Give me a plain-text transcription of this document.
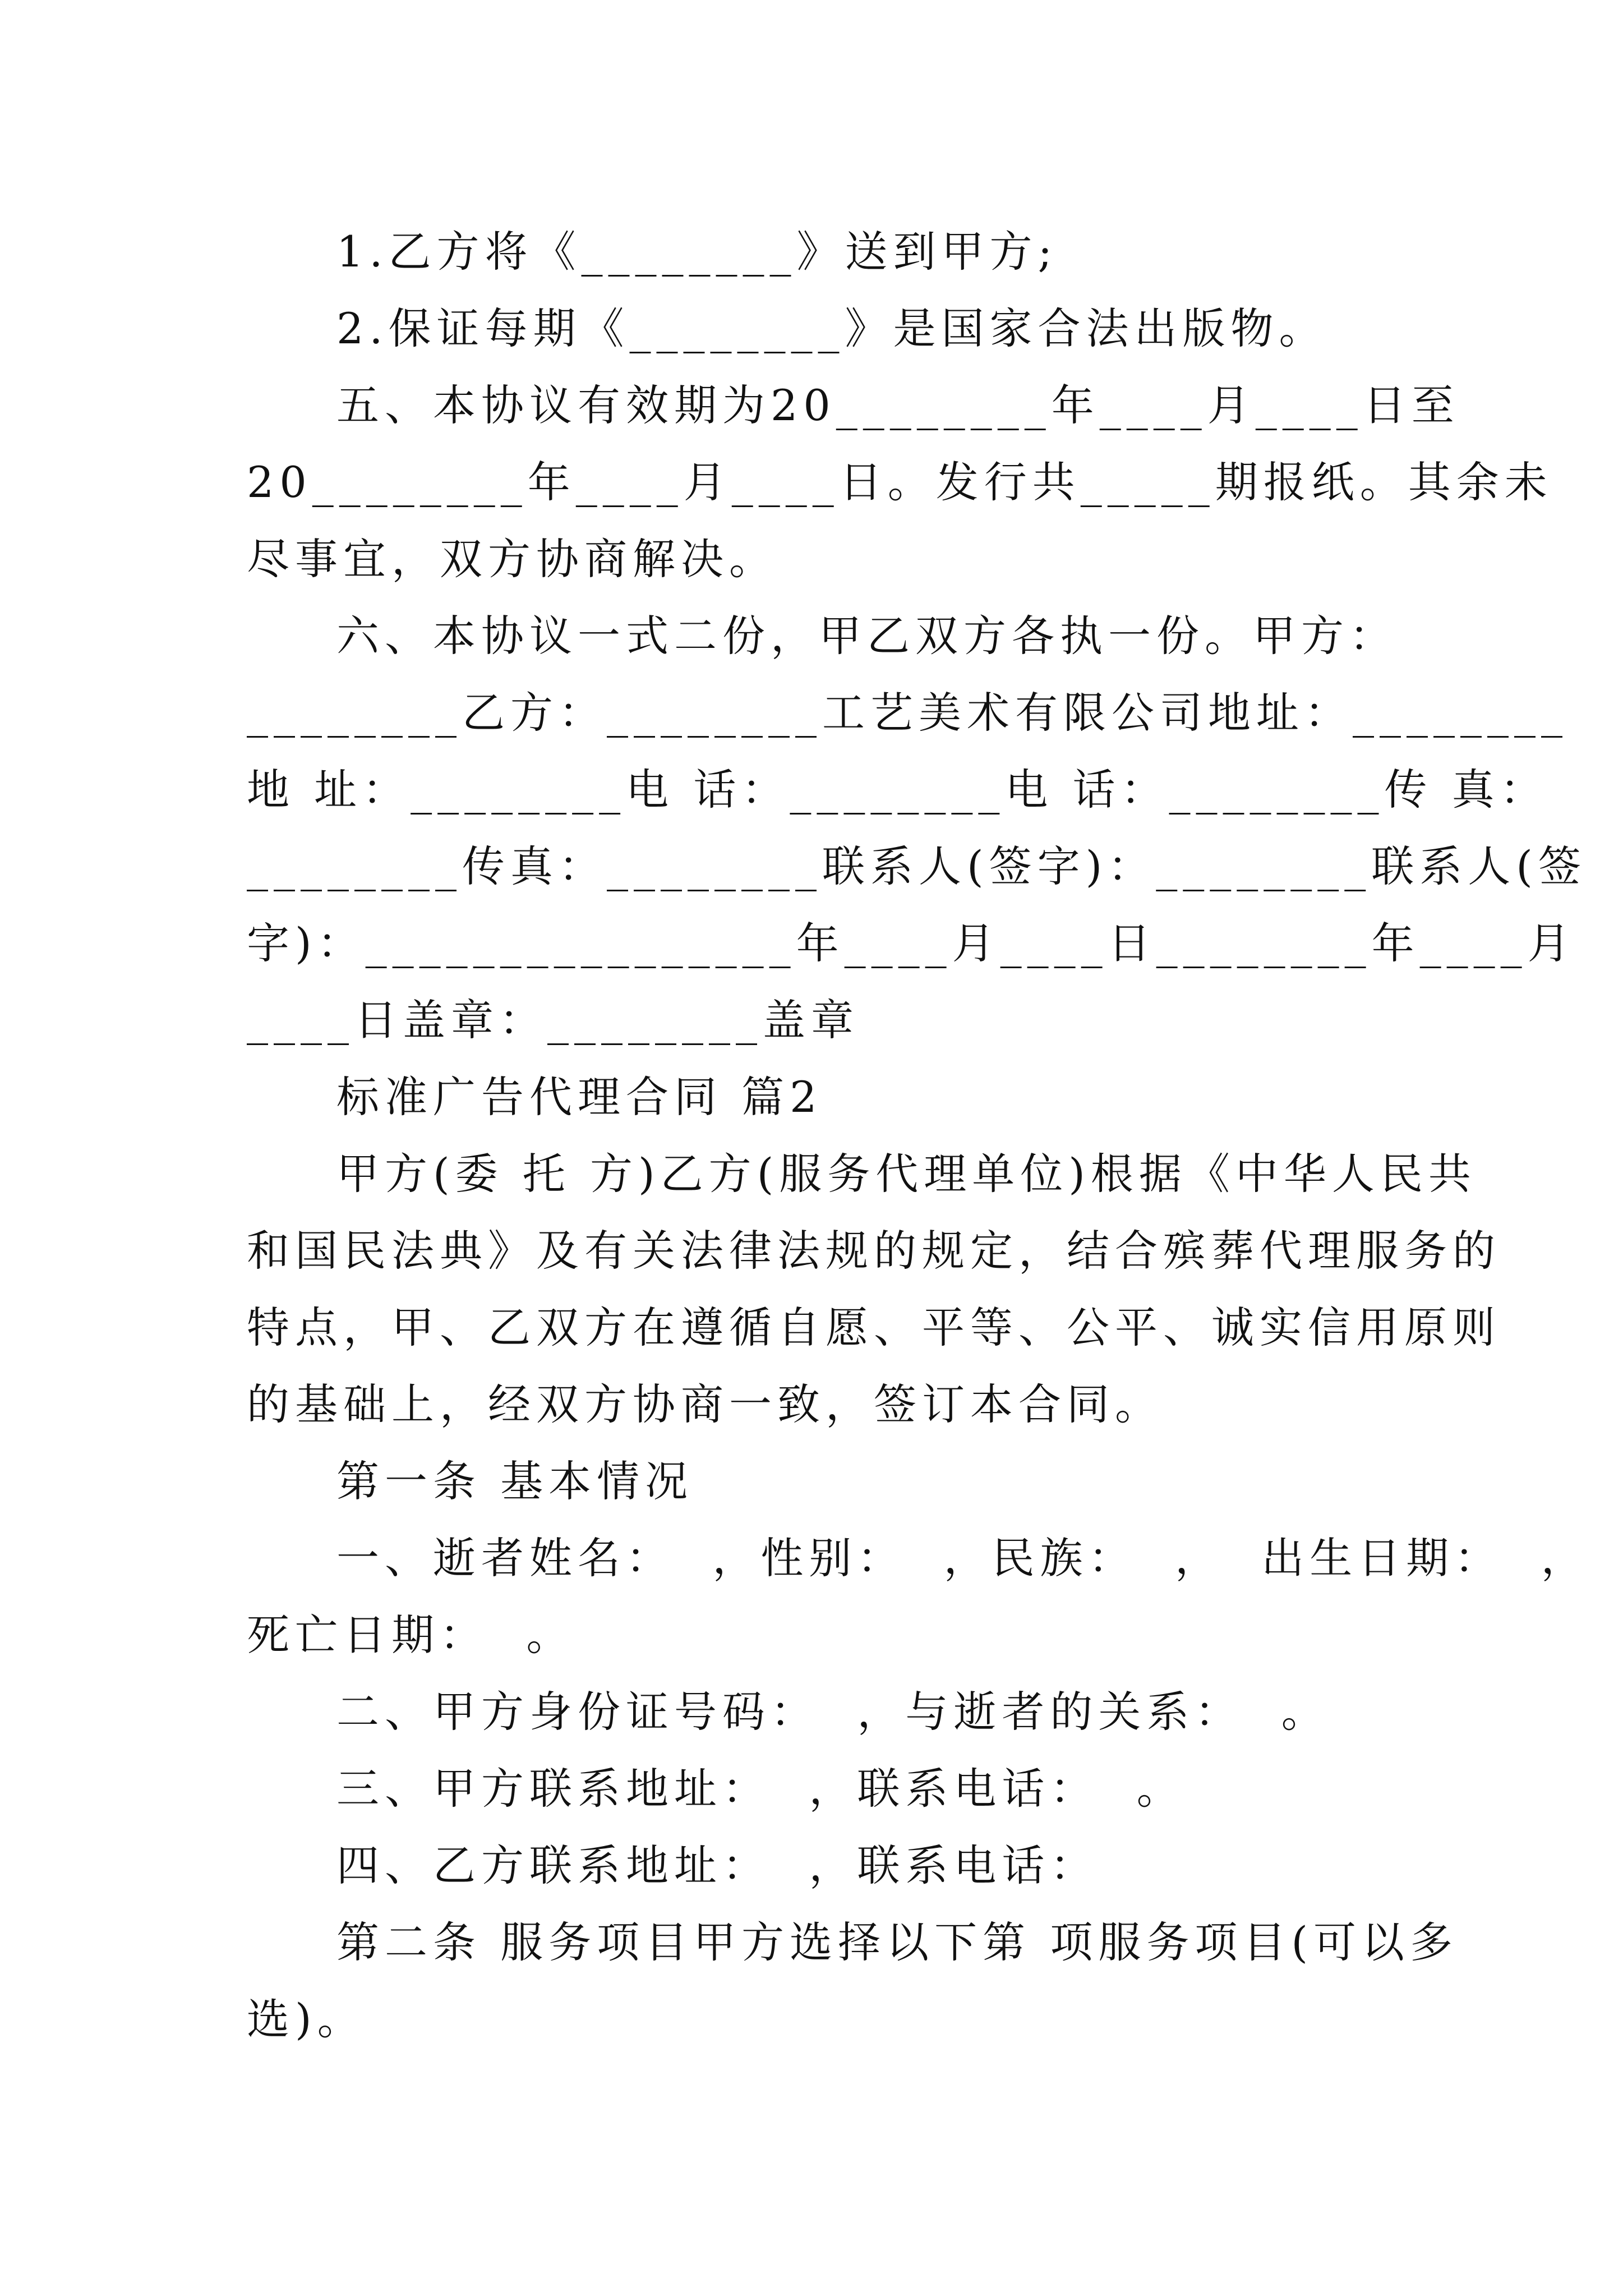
1.乙方将《________》送到甲方;
2.保证每期《________》是国家合法出版物。
五、本协议有效期为20________年____月____日至
20________年____月____日。发行共_____期报纸。其余未
尽事宜，双方协商解决。
六、本协议一式二份，甲乙双方各执一份。甲方：
________乙方：________工艺美术有限公司地址：________
地 址：________电 话：________电 话：________传 真：
________传真：________联系人(签字)：________联系人(签
字)：________________年____月____日________年____月
____日盖章：________盖章
标准广告代理合同 篇2
甲方(委 托 方)乙方(服务代理单位)根据《中华人民共
和国民法典》及有关法律法规的规定，结合殡葬代理服务的
特点，甲、乙双方在遵循自愿、平等、公平、诚实信用原则
的基础上，经双方协商一致，签订本合同。
第一条 基本情况
一、逝者姓名：  ，性别：  ，民族：  ，  出生日期：  ，
死亡日期：  。
二、甲方身份证号码：  ，与逝者的关系：  。
三、甲方联系地址：  ，联系电话：  。
四、乙方联系地址：  ，联系电话：
第二条 服务项目甲方选择以下第 项服务项目(可以多
选)。
